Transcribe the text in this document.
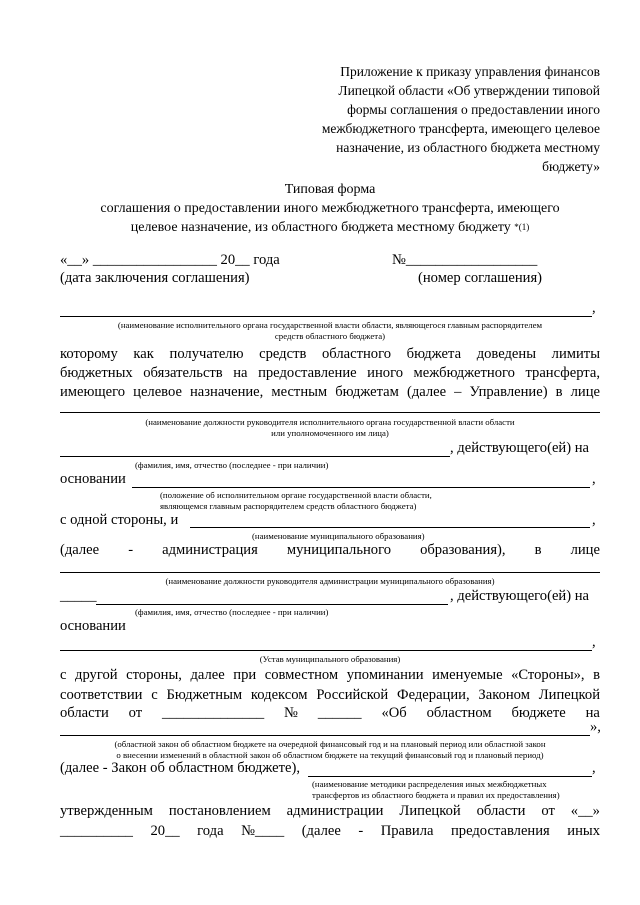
Приложение к приказу управления финансов
Липецкой области «Об утверждении типовой
формы соглашения о предоставлении иного
межбюджетного трансферта, имеющего целевое
назначение, из областного бюджета местному
бюджету»
Типовая форма
соглашения о предоставлении иного межбюджетного трансферта, имеющего
целевое назначение, из областного бюджета местному бюджету *(1)
«__» _________________ 20__ года	№__________________
(дата заключения соглашения)	(номер соглашения)
,
(наименование исполнительного органа государственной власти области, являющегося главным распорядителем
средств областного бюджета)
которому как получателю средств областного бюджета доведены лимиты
бюджетных обязательств на предоставление иного межбюджетного трансферта,
имеющего целевое назначение, местным бюджетам (далее – Управление) в лице
(наименование должности руководителя исполнительного органа государственной власти области
или уполномоченного им лица)
, действующего(ей) на
(фамилия, имя, отчество (последнее - при наличии)
основании	,
(положение об исполнительном органе государственной власти области,
являющемся главным распорядителем средств областного бюджета)
с одной стороны, и	,
(наименование муниципального образования)
(далее - администрация муниципального образования), в лице
(наименование должности руководителя администрации муниципального образования)
_____	, действующего(ей) на
(фамилия, имя, отчество (последнее - при наличии)
основании
,
(Устав муниципального образования)
с другой стороны, далее при совместном упоминании именуемые «Стороны», в
соответствии с Бюджетным кодексом Российской Федерации, Законом Липецкой
области от ______________ № ______ «Об областном бюджете на
»,
(областной закон об областном бюджете на очередной финансовый год и на плановый период или областной закон
о внесении изменений в областной закон об областном бюджете на текущий финансовый год и плановый период)
(далее - Закон об областном бюджете),	,
(наименование методики распределения иных межбюджетных
трансфертов из областного бюджета и правил их предоставления)
утвержденным постановлением администрации Липецкой области от «__»
__________ 20__ года №____ (далее - Правила предоставления иных
